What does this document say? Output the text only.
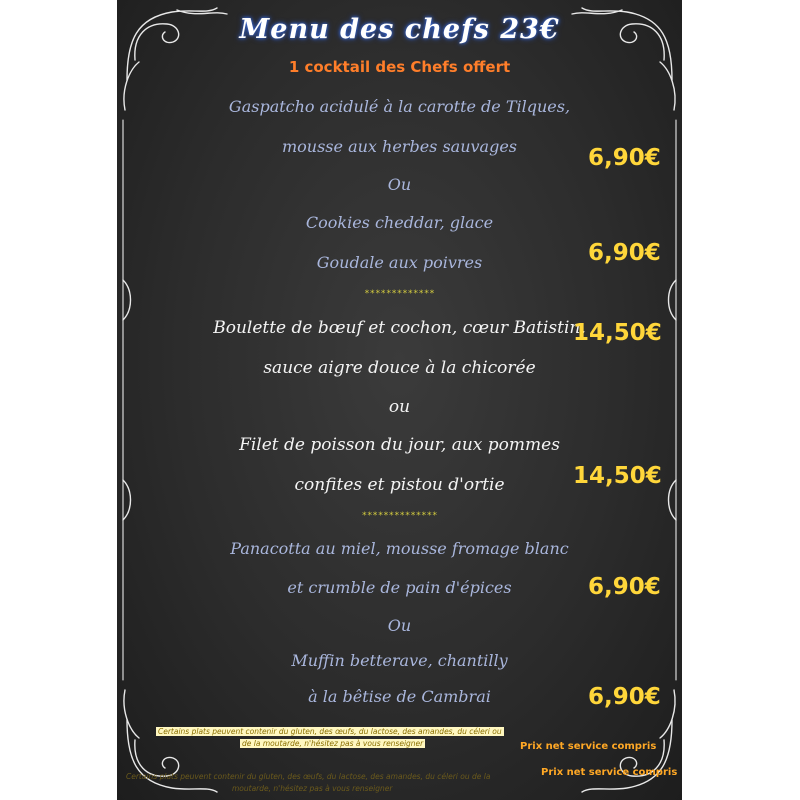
Menu des chefs 23€
1 cocktail des Chefs offert
Gaspatcho acidulé à la carotte de Tilques,
mousse aux herbes sauvages
Ou
Cookies cheddar, glace
Goudale aux poivres
*************
Boulette de bœuf et cochon, cœur Batistin,
sauce aigre douce à la chicorée
ou
Filet de poisson du jour, aux pommes
confites et pistou d'ortie
**************
Panacotta au miel, mousse fromage blanc
et crumble de pain d'épices
Ou
Muffin betterave, chantilly
à la bêtise de Cambrai
6,90€
6,90€
14,50€
14,50€
6,90€
6,90€
Certains plats peuvent contenir du gluten, des œufs, du lactose, des amandes, du céleri ou
de la moutarde, n'hésitez pas à vous renseigner	Prix net service compris
Certains plats peuvent contenir du gluten, des œufs, du lactose, des amandes, du céleri ou de la
moutarde, n'hésitez pas à vous renseigner
Prix net service compris
